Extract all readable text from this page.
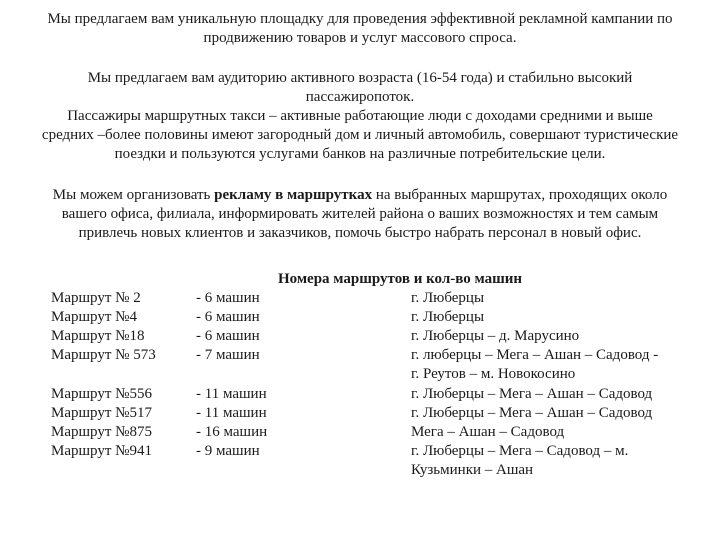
Мы предлагаем вам уникальную площадку для проведения эффективной рекламной кампании по продвижению товаров и услуг массового спроса.

Мы предлагаем вам аудиторию активного возраста (16-54 года) и стабильно высокий пассажиропоток.
Пассажиры маршрутных такси – активные работающие люди с доходами средними и выше средних –более половины имеют загородный дом и личный автомобиль, совершают туристические поездки и пользуются услугами банков на различные потребительские цели.

Мы можем организовать рекламу в маршрутках на выбранных маршрутах, проходящих около вашего офиса, филиала, информировать жителей района о ваших возможностях и тем самым привлечь новых клиентов и заказчиков, помочь быстро набрать персонал в новый офис.

Номера маршрутов и кол-во машин
Маршрут № 2	- 6 машин	г. Люберцы
Маршрут №4	- 6 машин	г. Люберцы
Маршрут №18	- 6 машин	г. Люберцы – д. Марусино
Маршрут № 573	- 7 машин	г. люберцы – Мега – Ашан – Садовод -
г. Реутов – м. Новокосино
Маршрут №556	- 11 машин	г. Люберцы – Мега – Ашан – Садовод
Маршрут №517	- 11 машин	г. Люберцы – Мега – Ашан – Садовод
Маршрут №875	- 16 машин	Мега – Ашан – Садовод
Маршрут №941	- 9 машин	г. Люберцы – Мега – Садовод – м.
Кузьминки – Ашан
